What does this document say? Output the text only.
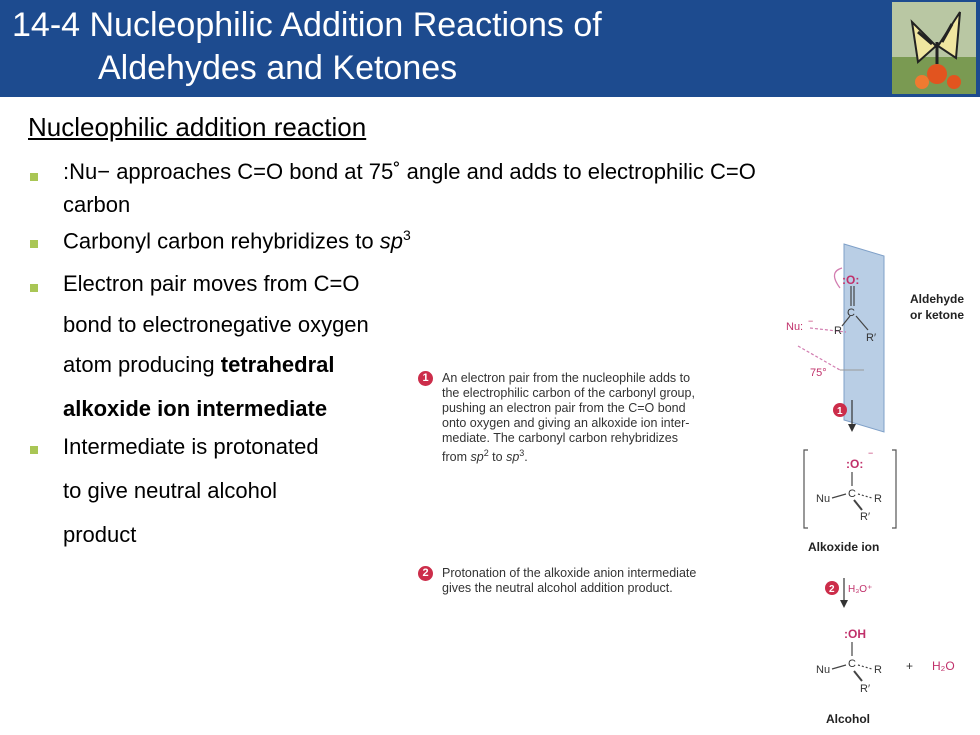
14-4 Nucleophilic Addition Reactions of
Aldehydes and Ketones
Nucleophilic addition reaction
:Nu− approaches C=O bond at 75˚ angle and adds to electrophilic C=O
carbon
Carbonyl carbon rehybridizes to $sp^3$
Electron pair moves from C=O
bond to electronegative oxygen
atom producing tetrahedral
alkoxide ion intermediate
Intermediate is protonated
to give neutral alcohol
product
1	An electron pair from the nucleophile adds to
the electrophilic carbon of the carbonyl group,
pushing an electron pair from the C=O bond
onto oxygen and giving an alkoxide ion inter-
mediate. The carbonyl carbon rehybridizes
from $sp^2$ to $sp^3$.
2	Protonation of the alkoxide anion intermediate
gives the neutral alcohol addition product.
:O:
C
R
R′
Nu: −
75°
1
:O:
−
C
Nu	R
R′
2 H₃O⁺
:OH
C
Nu	R
R′
+ H₂O
Aldehyde
or ketone
Alkoxide ion
Alcohol
